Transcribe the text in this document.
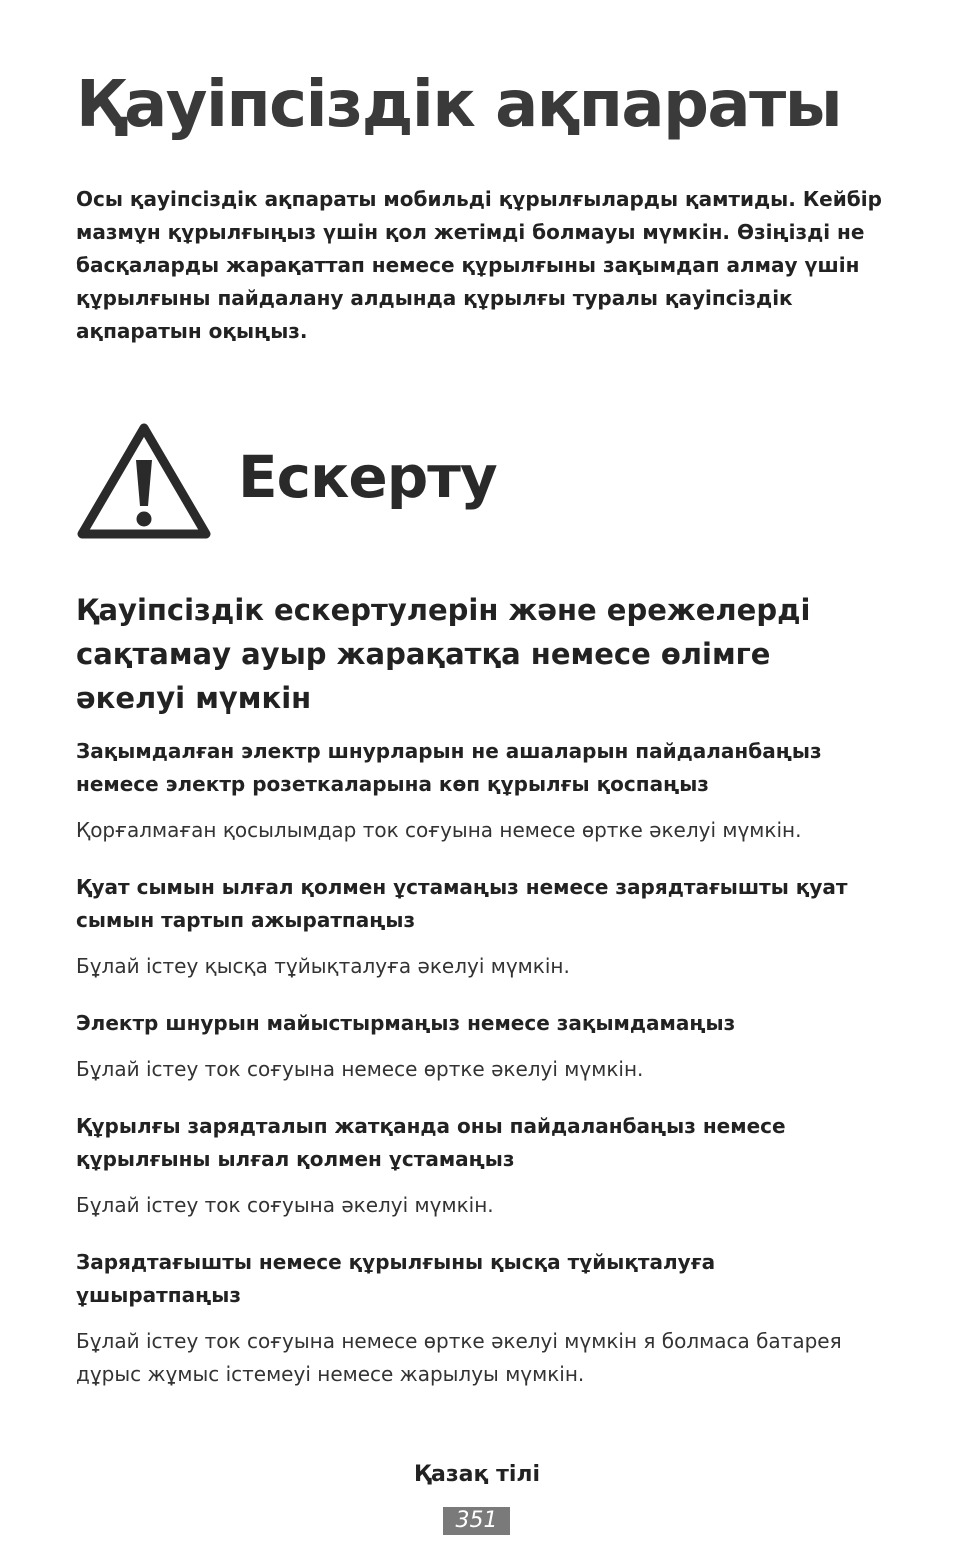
Қауіпсіздік ақпараты

Осы қауіпсіздік ақпараты мобильді құрылғыларды қамтиды. Кейбір мазмұн құрылғыңыз үшін қол жетімді болмауы мүмкін. Өзіңізді не басқаларды жарақаттап немесе құрылғыны зақымдап алмау үшін құрылғыны пайдалану алдында құрылғы туралы қауіпсіздік ақпаратын оқыңыз.

Ескерту
Қауіпсіздік ескертулерін және ережелерді сақтамау ауыр жарақатқа немесе өлімге әкелуі мүмкін

Зақымдалған электр шнурларын не ашаларын пайдаланбаңыз немесе электр розеткаларына көп құрылғы қоспаңыз

Қорғалмаған қосылымдар ток соғуына немесе өртке әкелуі мүмкін.

Қуат сымын ылғал қолмен ұстамаңыз немесе зарядтағышты қуат сымын тартып ажыратпаңыз

Бұлай істеу қысқа тұйықталуға әкелуі мүмкін.

Электр шнурын майыстырмаңыз немесе зақымдамаңыз

Бұлай істеу ток соғуына немесе өртке әкелуі мүмкін.

Құрылғы зарядталып жатқанда оны пайдаланбаңыз немесе құрылғыны ылғал қолмен ұстамаңыз

Бұлай істеу ток соғуына әкелуі мүмкін.

Зарядтағышты немесе құрылғыны қысқа тұйықталуға ұшыратпаңыз

Бұлай істеу ток соғуына немесе өртке әкелуі мүмкін я болмаса батарея дұрыс жұмыс істемеуі немесе жарылуы мүмкін.

Қазақ тілі
351
